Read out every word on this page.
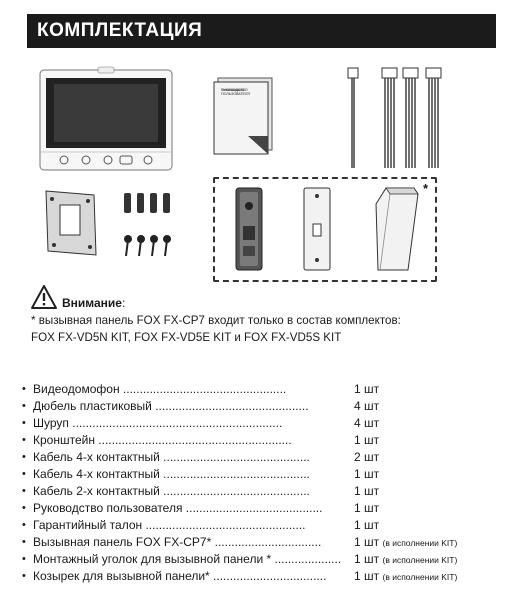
КОМПЛЕКТАЦИЯ
РУКОВОДСТВО ПОЛЬЗОВАТЕЛЯ
*
Внимание:
* вызывная панель FOX FX-CP7 входит только в состав комплектов:
FOX FX-VD5N KIT, FOX FX-VD5E KIT и FOX FX-VD5S KIT
• Видеодомофон .................................................	1 шт
• Дюбель пластиковый ..............................................	4 шт
• Шуруп ...............................................................	4 шт
• Кронштейн ..........................................................	1 шт
• Кабель 4-х контактный ............................................	2 шт
• Кабель 4-х контактный ............................................	1 шт
• Кабель 2-х контактный ............................................	1 шт
• Руководство пользователя .........................................	1 шт
• Гарантийный талон ................................................	1 шт
• Вызывная панель FOX FX-CP7* ................................	1 шт (в исполнении KIT)
• Монтажный уголок для вызывной панели * .................... 1 шт (в исполнении KIT)
• Козырек для вызывной панели* .................................. 1 шт (в исполнении KIT)
